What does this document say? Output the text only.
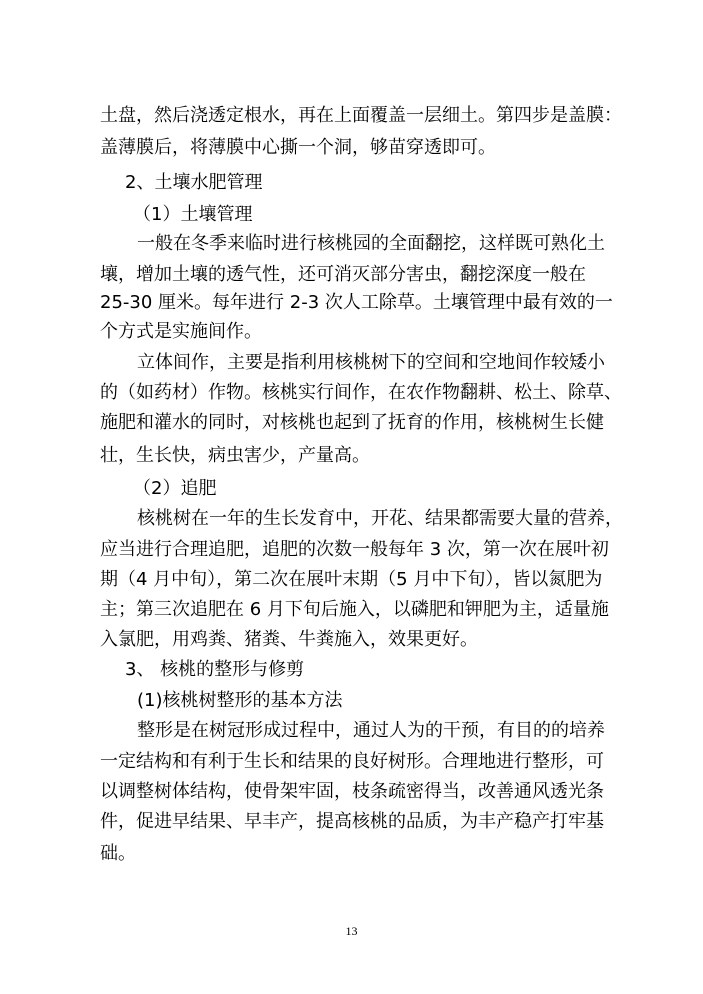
土盘，然后浇透定根水，再在上面覆盖一层细土。第四步是盖膜：
盖薄膜后，将薄膜中心撕一个洞，够苗穿透即可。
2、土壤水肥管理
（1）土壤管理
一般在冬季来临时进行核桃园的全面翻挖，这样既可熟化土
壤，增加土壤的透气性，还可消灭部分害虫，翻挖深度一般在
25-30 厘米。每年进行 2-3 次人工除草。土壤管理中最有效的一
个方式是实施间作。
立体间作，主要是指利用核桃树下的空间和空地间作较矮小
的（如药材）作物。核桃实行间作，在农作物翻耕、松土、除草、
施肥和灌水的同时，对核桃也起到了抚育的作用，核桃树生长健
壮，生长快，病虫害少，产量高。
（2）追肥
核桃树在一年的生长发育中，开花、结果都需要大量的营养，
应当进行合理追肥，追肥的次数一般每年 3 次，第一次在展叶初
期（4 月中旬），第二次在展叶末期（5 月中下旬），皆以氮肥为
主；第三次追肥在 6 月下旬后施入，以磷肥和钾肥为主，适量施
入氯肥，用鸡粪、猪粪、牛粪施入，效果更好。
3、 核桃的整形与修剪
(1)核桃树整形的基本方法
整形是在树冠形成过程中，通过人为的干预，有目的的培养
一定结构和有利于生长和结果的良好树形。合理地进行整形，可
以调整树体结构，使骨架牢固，枝条疏密得当，改善通风透光条
件，促进早结果、早丰产，提高核桃的品质，为丰产稳产打牢基
础。
13
